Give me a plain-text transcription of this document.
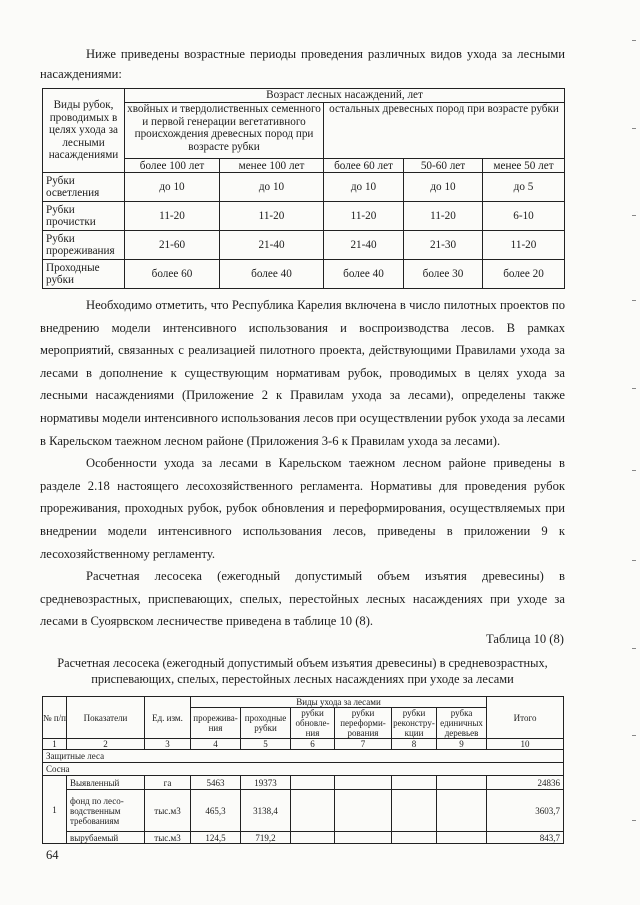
Ниже приведены возрастные периоды проведения различных видов ухода за лесными насаждениями:

Виды рубок, проводимых в целях ухода за лесными насаждениями	Возраст лесных насаждений, лет				
	хвойных и твердолиственных семенного и первой генерации вегетативного происхождения древесных пород при возрасте рубки		остальных древесных пород при возрасте рубки		
	более 100 лет	менее 100 лет	более 60 лет	50-60 лет	менее 50 лет
Рубки осветления	до 10	до 10	до 10	до 10	до 5
Рубки прочистки	11-20	11-20	11-20	11-20	6-10
Рубки прореживания	21-60	21-40	21-40	21-30	11-20
Проходные рубки	более 60	более 40	более 40	более 30	более 20

Необходимо отметить, что Республика Карелия включена в число пилотных проектов по внедрению модели интенсивного использования и воспроизводства лесов. В рамках мероприятий, связанных с реализацией пилотного проекта, действующими Правилами ухода за лесами в дополнение к существующим нормативам рубок, проводимых в целях ухода за лесными насаждениями (Приложение 2 к Правилам ухода за лесами), определены также нормативы модели интенсивного использования лесов при осуществлении рубок ухода за лесами в Карельском таежном лесном районе (Приложения 3-6 к Правилам ухода за лесами).

Особенности ухода за лесами в Карельском таежном лесном районе приведены в разделе 2.18 настоящего лесохозяйственного регламента. Нормативы для проведения рубок прореживания, проходных рубок, рубок обновления и переформирования, осуществляемых при внедрении модели интенсивного использования лесов, приведены в приложении 9 к лесохозяйственному регламенту.

Расчетная лесосека (ежегодный допустимый объем изъятия древесины) в средневозрастных, приспевающих, спелых, перестойных лесных насаждениях при уходе за лесами в Суоярвском лесничестве приведена в таблице 10 (8).

Таблица 10 (8)
Расчетная лесосека (ежегодный допустимый объем изъятия древесины) в средневозрастных, приспевающих, спелых, перестойных лесных насаждениях при уходе за лесами
№ п/п	Показатели	Ед. изм.	Виды ухода за лесами						Итого
			прорежива- ния	проходные рубки	рубки обновле- ния	рубки переформи- рования	рубки реконстру- кции	рубка единичных деревьев	
1	2	3	4	5	6	7	8	9	10
Защитные леса									
Сосна									
1	Выявленный	га	5463	19373					24836
	фонд по лесо- водственным требованиям	тыс.м3	465,3	3138,4					3603,7
	вырубаемый	тыс.м3	124,5	719,2					843,7
64
